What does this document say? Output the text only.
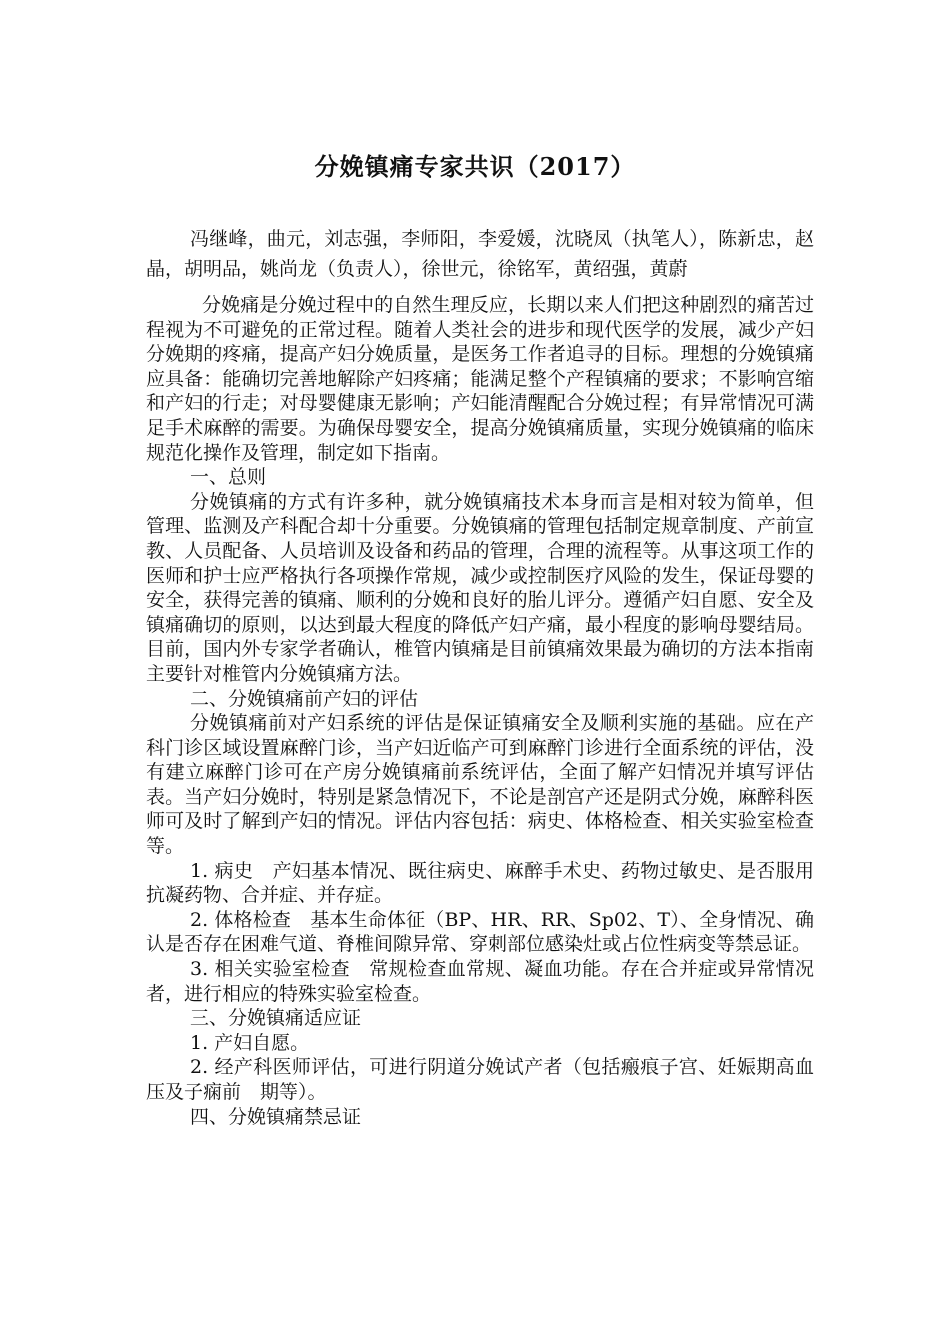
分娩镇痛专家共识（2017）
冯继峰，曲元，刘志强，李师阳，李爱媛，沈晓凤（执笔人），陈新忠，赵晶，胡明品，姚尚龙（负责人），徐世元，徐铭军，黄绍强，黄蔚

分娩痛是分娩过程中的自然生理反应，长期以来人们把这种剧烈的痛苦过程视为不可避免的正常过程。随着人类社会的进步和现代医学的发展，减少产妇分娩期的疼痛，提高产妇分娩质量，是医务工作者追寻的目标。理想的分娩镇痛应具备：能确切完善地解除产妇疼痛；能满足整个产程镇痛的要求；不影响宫缩和产妇的行走；对母婴健康无影响；产妇能清醒配合分娩过程；有异常情况可满足手术麻醉的需要。为确保母婴安全，提高分娩镇痛质量，实现分娩镇痛的临床规范化操作及管理，制定如下指南。

一、总则

分娩镇痛的方式有许多种，就分娩镇痛技术本身而言是相对较为简单，但管理、监测及产科配合却十分重要。分娩镇痛的管理包括制定规章制度、产前宣教、人员配备、人员培训及设备和药品的管理，合理的流程等。从事这项工作的医师和护士应严格执行各项操作常规，减少或控制医疗风险的发生，保证母婴的安全，获得完善的镇痛、顺利的分娩和良好的胎儿评分。遵循产妇自愿、安全及镇痛确切的原则，以达到最大程度的降低产妇产痛，最小程度的影响母婴结局。目前，国内外专家学者确认，椎管内镇痛是目前镇痛效果最为确切的方法本指南主要针对椎管内分娩镇痛方法。

二、分娩镇痛前产妇的评估

分娩镇痛前对产妇系统的评估是保证镇痛安全及顺利实施的基础。应在产科门诊区域设置麻醉门诊，当产妇近临产可到麻醉门诊进行全面系统的评估，没有建立麻醉门诊可在产房分娩镇痛前系统评估，全面了解产妇情况并填写评估表。当产妇分娩时，特别是紧急情况下，不论是剖宫产还是阴式分娩，麻醉科医师可及时了解到产妇的情况。评估内容包括：病史、体格检查、相关实验室检查等。

1. 病史　产妇基本情况、既往病史、麻醉手术史、药物过敏史、是否服用抗凝药物、合并症、并存症。

2. 体格检查　基本生命体征（BP、HR、RR、Sp02、T）、全身情况、确认是否存在困难气道、脊椎间隙异常、穿刺部位感染灶或占位性病变等禁忌证。

3. 相关实验室检查　常规检查血常规、凝血功能。存在合并症或异常情况者，进行相应的特殊实验室检查。

三、分娩镇痛适应证

1. 产妇自愿。

2. 经产科医师评估，可进行阴道分娩试产者（包括瘢痕子宫、妊娠期高血压及子痫前　期等）。

四、分娩镇痛禁忌证
